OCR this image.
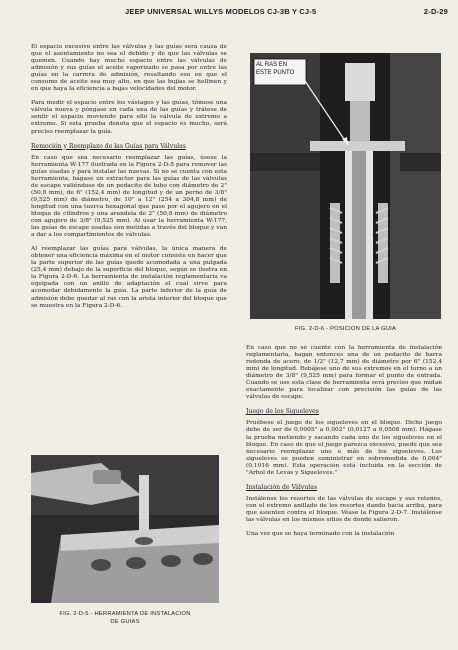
JEEP UNIVERSAL WILLYS MODELOS CJ-3B Y CJ-5	2-D-29

El espacio excesivo entre las válvulas y las guías será causa de que el asentamiento no sea el debido y de que las válvulas se quemen. Cuando hay mucho espacio entre las válvulas de admisión y sus guías el aceite vaporizado se pasa por entre las guías en la carrera de admisión, resultando eso en que el consumo de aceite sea muy alto, en que las bujías se hollinen y en que haya la eficiencia a bajas velocidades del motor.

Para medir el espacio entre los vástagos y las guías, tómese una válvula nueva y póngase en cada una de las guías y trátese de sentir el espacio moviendo para ello la válvula de extremo a extremo. Si esta prueba denota que el espacio es mucho, será preciso reemplazar la guía.

Remoción y Reemplazo de las Guías para Válvulas

En caso que sea necesario reemplazar las guías, úsese la herramienta W-177 ilustrada en la Figura 2-D-5 para remover las guías usadas y para instalar las nuevas. Si no se cuenta con esta herramienta, hágase un extractor para las guías de las válvulas de escape valiéndose de un pedacito de tubo con diámetro de 2" (50,8 mm), de 6" (152,4 mm) de longitud y de un perno de 3/8" (9,525 mm) de diámetro, de 10" a 12" (254 a 304,8 mm) de longitud con una tuerca hexagonal que pase por el agujero en el bloque de cilindros y una arandela de 2" (50,8 mm) de diámetro con agujero de 3/8" (9,525 mm). Al usar la herramienta W-177, las guías de escape usadas son metidas a través del bloque y van a dar a los compartimientos de válvulas.

Al reemplazar las guías para válvulas, la única manera de obtener una eficiencia máxima en el motor consiste en hacer que la parte superior de las guías quede acomodada a una pulgada (25,4 mm) debajo de la superficie del bloque, según se ilustra en la Figura 2-D-6. La herramienta de instalación reglamentaria va equipada con un anillo de adaptación el cual sirve para acomodar debidamente la guía. La parte inferior de la guía de admisión debe quedar al ras con la arista interior del bloque que se muestra en la Figura 2-D-6.

AL RAS EN ESTE PUNTO
FIG. 2-D-6 - POSICION DE LA GUIA

En caso que no se cuente con la herramienta de instalación reglamentaria, hagan entonces una de un pedacito de barra redonda de acero, de 1/2" (12,7 mm) de diámetro por 6" (152,4 mm) de longitud. Rebájese uno de sus extremos en el torno a un diámetro de 3/8" (9,525 mm) para formar el punto de entrada. Cuando se use esta clase de herramienta será preciso que midan exactamente para localizar con precisión las guías de las válvulas de escape.

Juego de los Sigueleves

Pruébese el juego de los sigueleves en el bloque. Dicho juego debe de ser de 0,0005" a 0,002" (0,0127 a 0,0508 mm). Hágase la prueba metiendo y sacando cada uno de los sigueleves en el bloque. En caso de que el juego parezca excesivo, puede que sea necesario reemplazar uno o más de los sigueleves. Los sigueleves se pueden suministrar en sobremedida de 0,004" (0,1016 mm). Esta operación está incluida en la sección de "Arbol de Levas y Sigueleves."

Instalación de Válvulas

Instálense los resortes de las válvulas de escape y sus retenes, con el extremo anillado de los resortes dando hacia arriba, para que asienten contra el bloque. Véase la Figura 2-D-7. Instálense las válvulas en los mismos sitios de donde salieron.

Una vez que se haya terminado con la instalación

FIG. 2-D-5 - HERRAMIENTA DE INSTALACION
DE GUIAS
